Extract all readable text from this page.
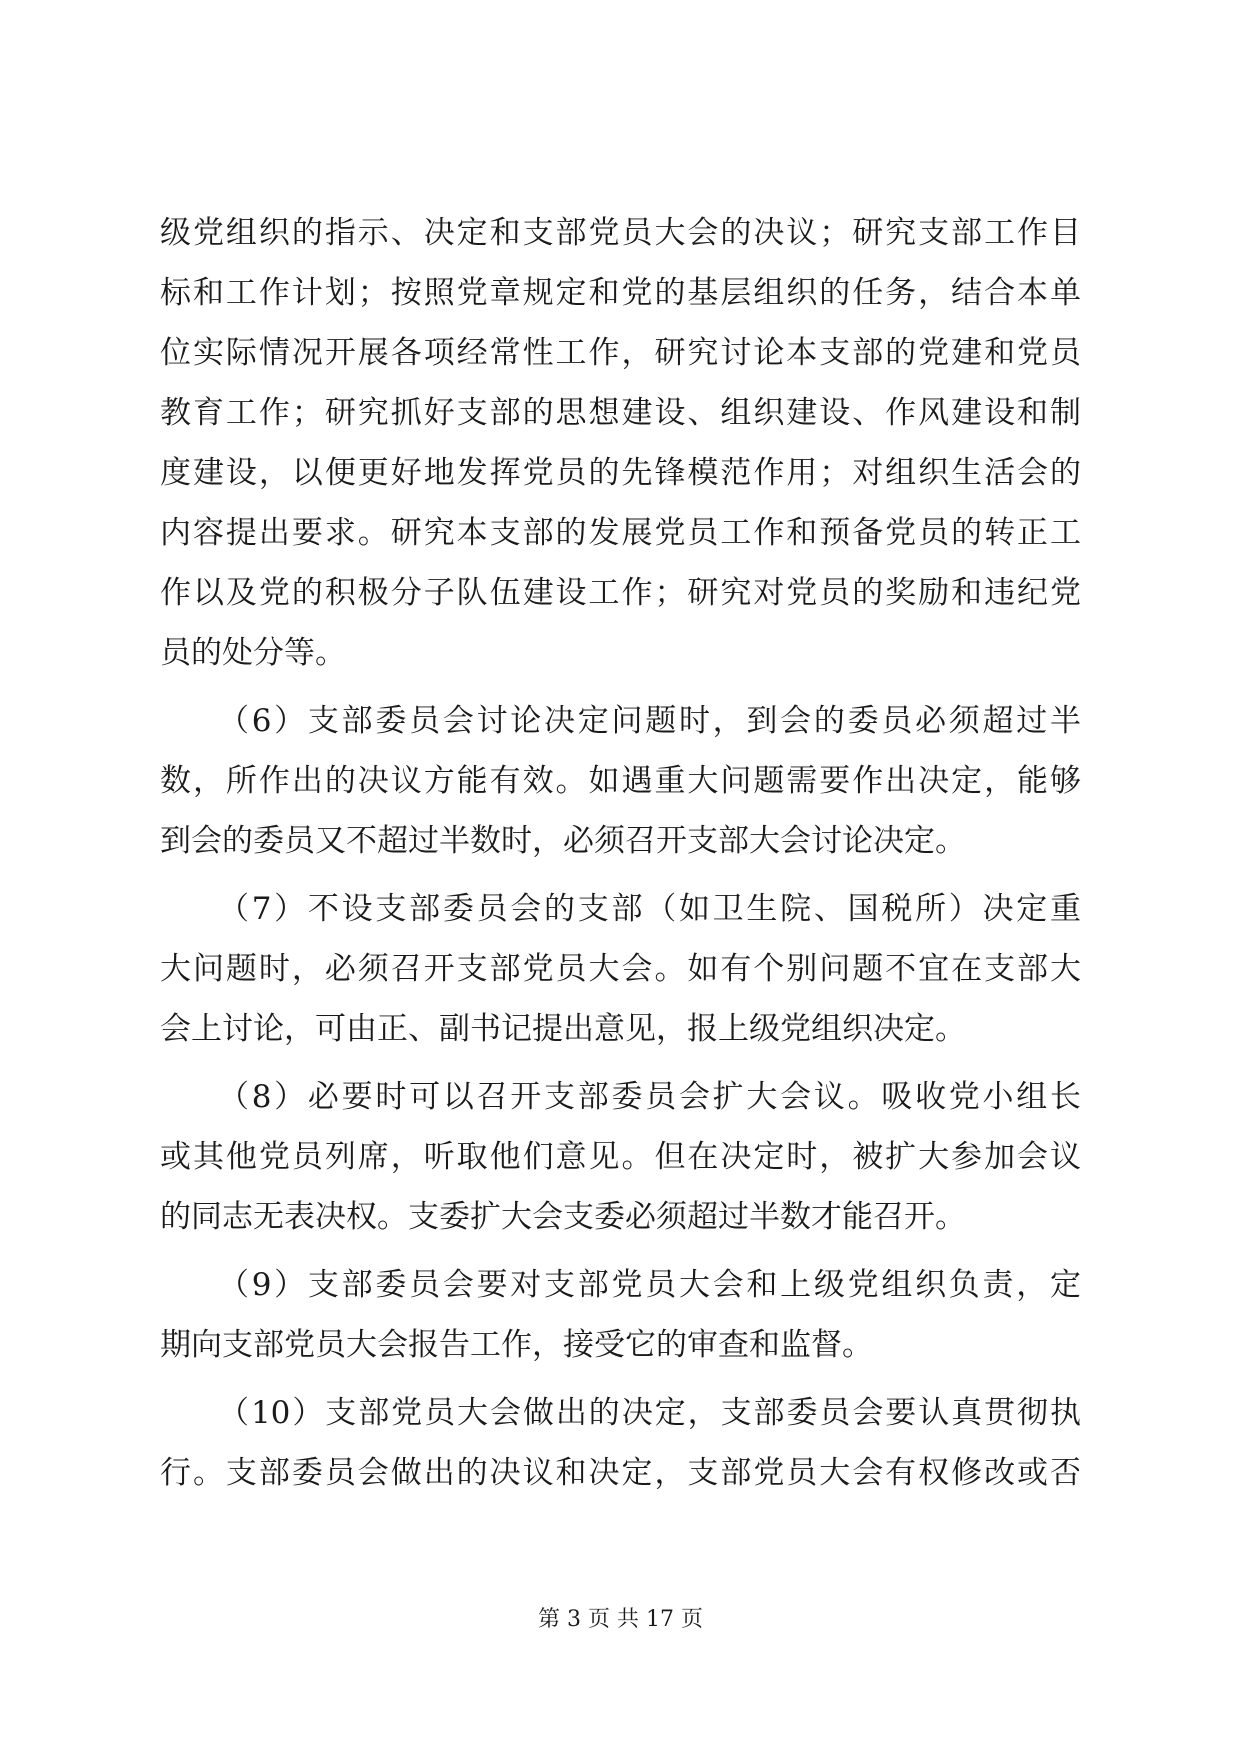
级党组织的指示、决定和支部党员大会的决议；研究支部工作目
标和工作计划；按照党章规定和党的基层组织的任务，结合本单
位实际情况开展各项经常性工作，研究讨论本支部的党建和党员
教育工作；研究抓好支部的思想建设、组织建设、作风建设和制
度建设，以便更好地发挥党员的先锋模范作用；对组织生活会的
内容提出要求。研究本支部的发展党员工作和预备党员的转正工
作以及党的积极分子队伍建设工作；研究对党员的奖励和违纪党
员的处分等。
（6）支部委员会讨论决定问题时，到会的委员必须超过半
数，所作出的决议方能有效。如遇重大问题需要作出决定，能够
到会的委员又不超过半数时，必须召开支部大会讨论决定。
（7）不设支部委员会的支部（如卫生院、国税所）决定重
大问题时，必须召开支部党员大会。如有个别问题不宜在支部大
会上讨论，可由正、副书记提出意见，报上级党组织决定。
（8）必要时可以召开支部委员会扩大会议。吸收党小组长
或其他党员列席，听取他们意见。但在决定时，被扩大参加会议
的同志无表决权。支委扩大会支委必须超过半数才能召开。
（9）支部委员会要对支部党员大会和上级党组织负责，定
期向支部党员大会报告工作，接受它的审查和监督。
（10）支部党员大会做出的决定，支部委员会要认真贯彻执
行。支部委员会做出的决议和决定，支部党员大会有权修改或否
第 3 页 共 17 页
